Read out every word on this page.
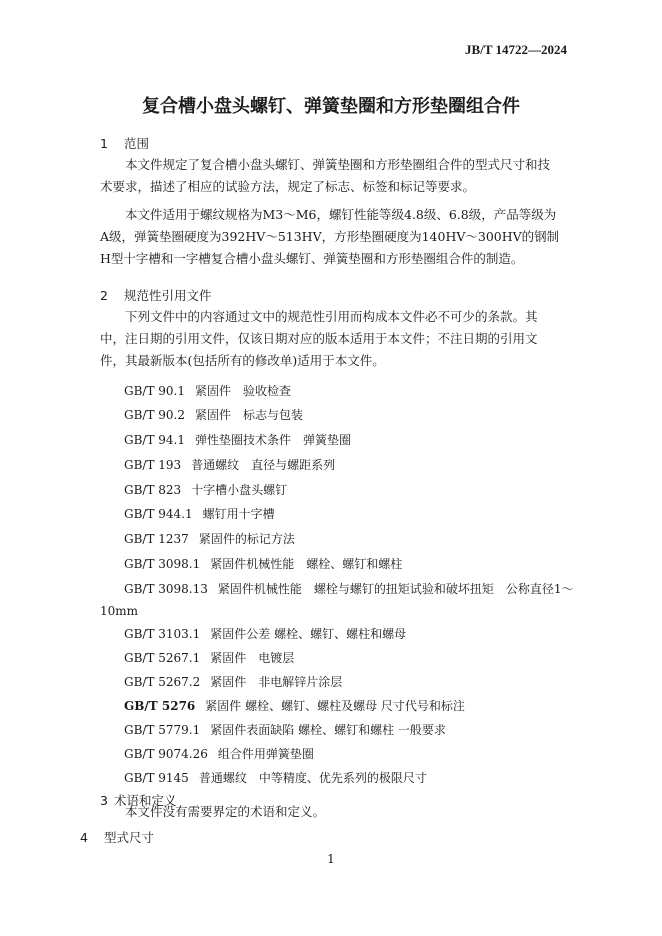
JB/T 14722—2024
复合槽小盘头螺钉、弹簧垫圈和方形垫圈组合件
1 范围
本文件规定了复合槽小盘头螺钉、弹簧垫圈和方形垫圈组合件的型式尺寸和技术要求，描述了相应的试验方法，规定了标志、标签和标记等要求。
本文件适用于螺纹规格为M3～M6，螺钉性能等级4.8级、6.8级，产品等级为A级，弹簧垫圈硬度为392HV～513HV，方形垫圈硬度为140HV～300HV的钢制H型十字槽和一字槽复合槽小盘头螺钉、弹簧垫圈和方形垫圈组合件的制造。
2 规范性引用文件
下列文件中的内容通过文中的规范性引用而构成本文件必不可少的条款。其中，注日期的引用文件，仅该日期对应的版本适用于本文件；不注日期的引用文件，其最新版本(包括所有的修改单)适用于本文件。
GB/T 90.1 紧固件　验收检查
GB/T 90.2 紧固件　标志与包装
GB/T 94.1 弹性垫圈技术条件　弹簧垫圈
GB/T 193 普通螺纹　直径与螺距系列
GB/T 823 十字槽小盘头螺钉
GB/T 944.1 螺钉用十字槽
GB/T 1237 紧固件的标记方法
GB/T 3098.1 紧固件机械性能　螺栓、螺钉和螺柱
GB/T 3098.13 紧固件机械性能　螺栓与螺钉的扭矩试验和破坏扭矩　公称直径1～
10mm
GB/T 3103.1 紧固件公差 螺栓、螺钉、螺柱和螺母
GB/T 5267.1 紧固件　电镀层
GB/T 5267.2 紧固件　非电解锌片涂层
GB/T 5276 紧固件 螺栓、螺钉、螺柱及螺母 尺寸代号和标注
GB/T 5779.1 紧固件表面缺陷 螺栓、螺钉和螺柱 一般要求
GB/T 9074.26 组合件用弹簧垫圈
GB/T 9145 普通螺纹　中等精度、优先系列的极限尺寸
3 术语和定义
本文件没有需要界定的术语和定义。
4 型式尺寸
1
